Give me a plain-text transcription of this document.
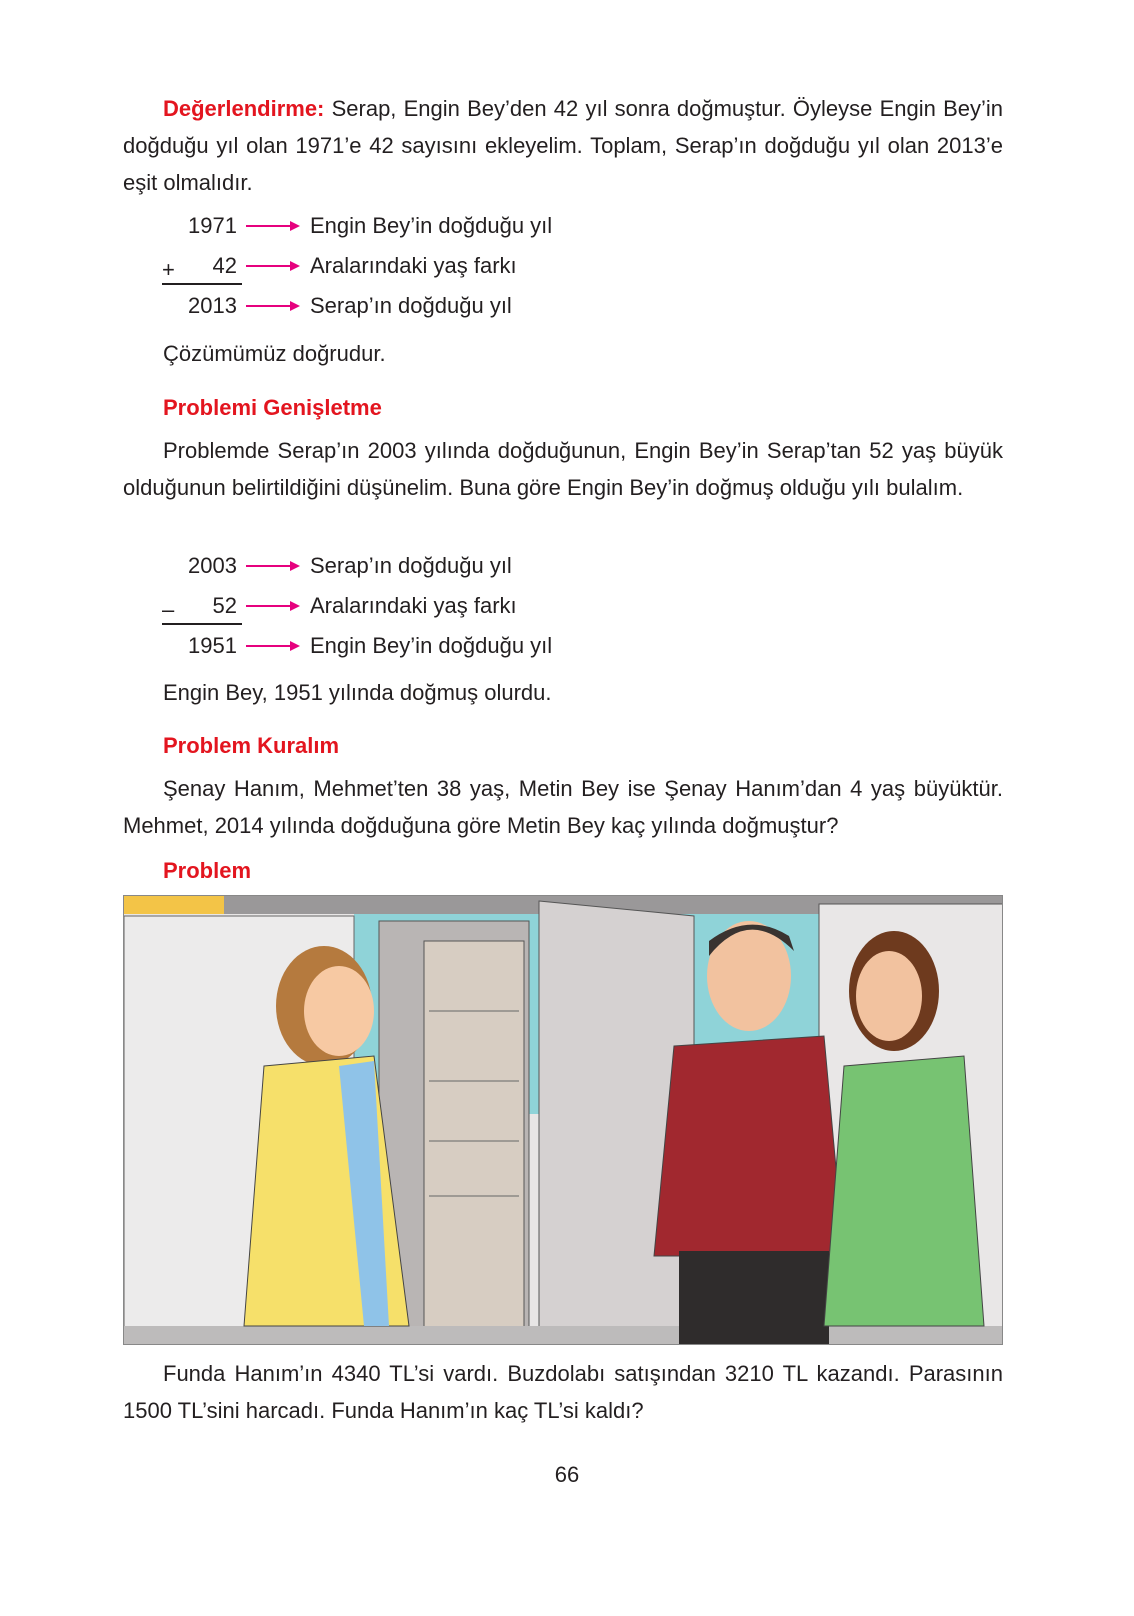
Değerlendirme: Serap, Engin Bey’den 42 yıl sonra doğmuştur. Öyleyse Engin Bey’in doğduğu yıl olan 1971’e 42 sayısını ekleyelim. Toplam, Serap’ın doğduğu yıl olan 2013’e eşit olmalıdır.
1971	Engin Bey’in doğduğu yıl
+	42	Aralarındaki yaş farkı
2013	Serap’ın doğduğu yıl
Çözümümüz doğrudur.
Problemi Genişletme
Problemde Serap’ın 2003 yılında doğduğunun, Engin Bey’in Serap’tan 52 yaş büyük olduğunun belirtildiğini düşünelim. Buna göre Engin Bey’in doğmuş olduğu yılı bulalım.
2003	Serap’ın doğduğu yıl
–	52	Aralarındaki yaş farkı
1951	Engin Bey’in doğduğu yıl
Engin Bey, 1951 yılında doğmuş olurdu.
Problem Kuralım
Şenay Hanım, Mehmet’ten 38 yaş, Metin Bey ise Şenay Hanım’dan 4 yaş büyüktür. Mehmet, 2014 yılında doğduğuna göre Metin Bey kaç yılında doğmuştur?
Problem
Funda Hanım’ın 4340 TL’si vardı. Buzdolabı satışından 3210 TL kazandı. Parasının 1500 TL’sini harcadı. Funda Hanım’ın kaç TL’si kaldı?
66
